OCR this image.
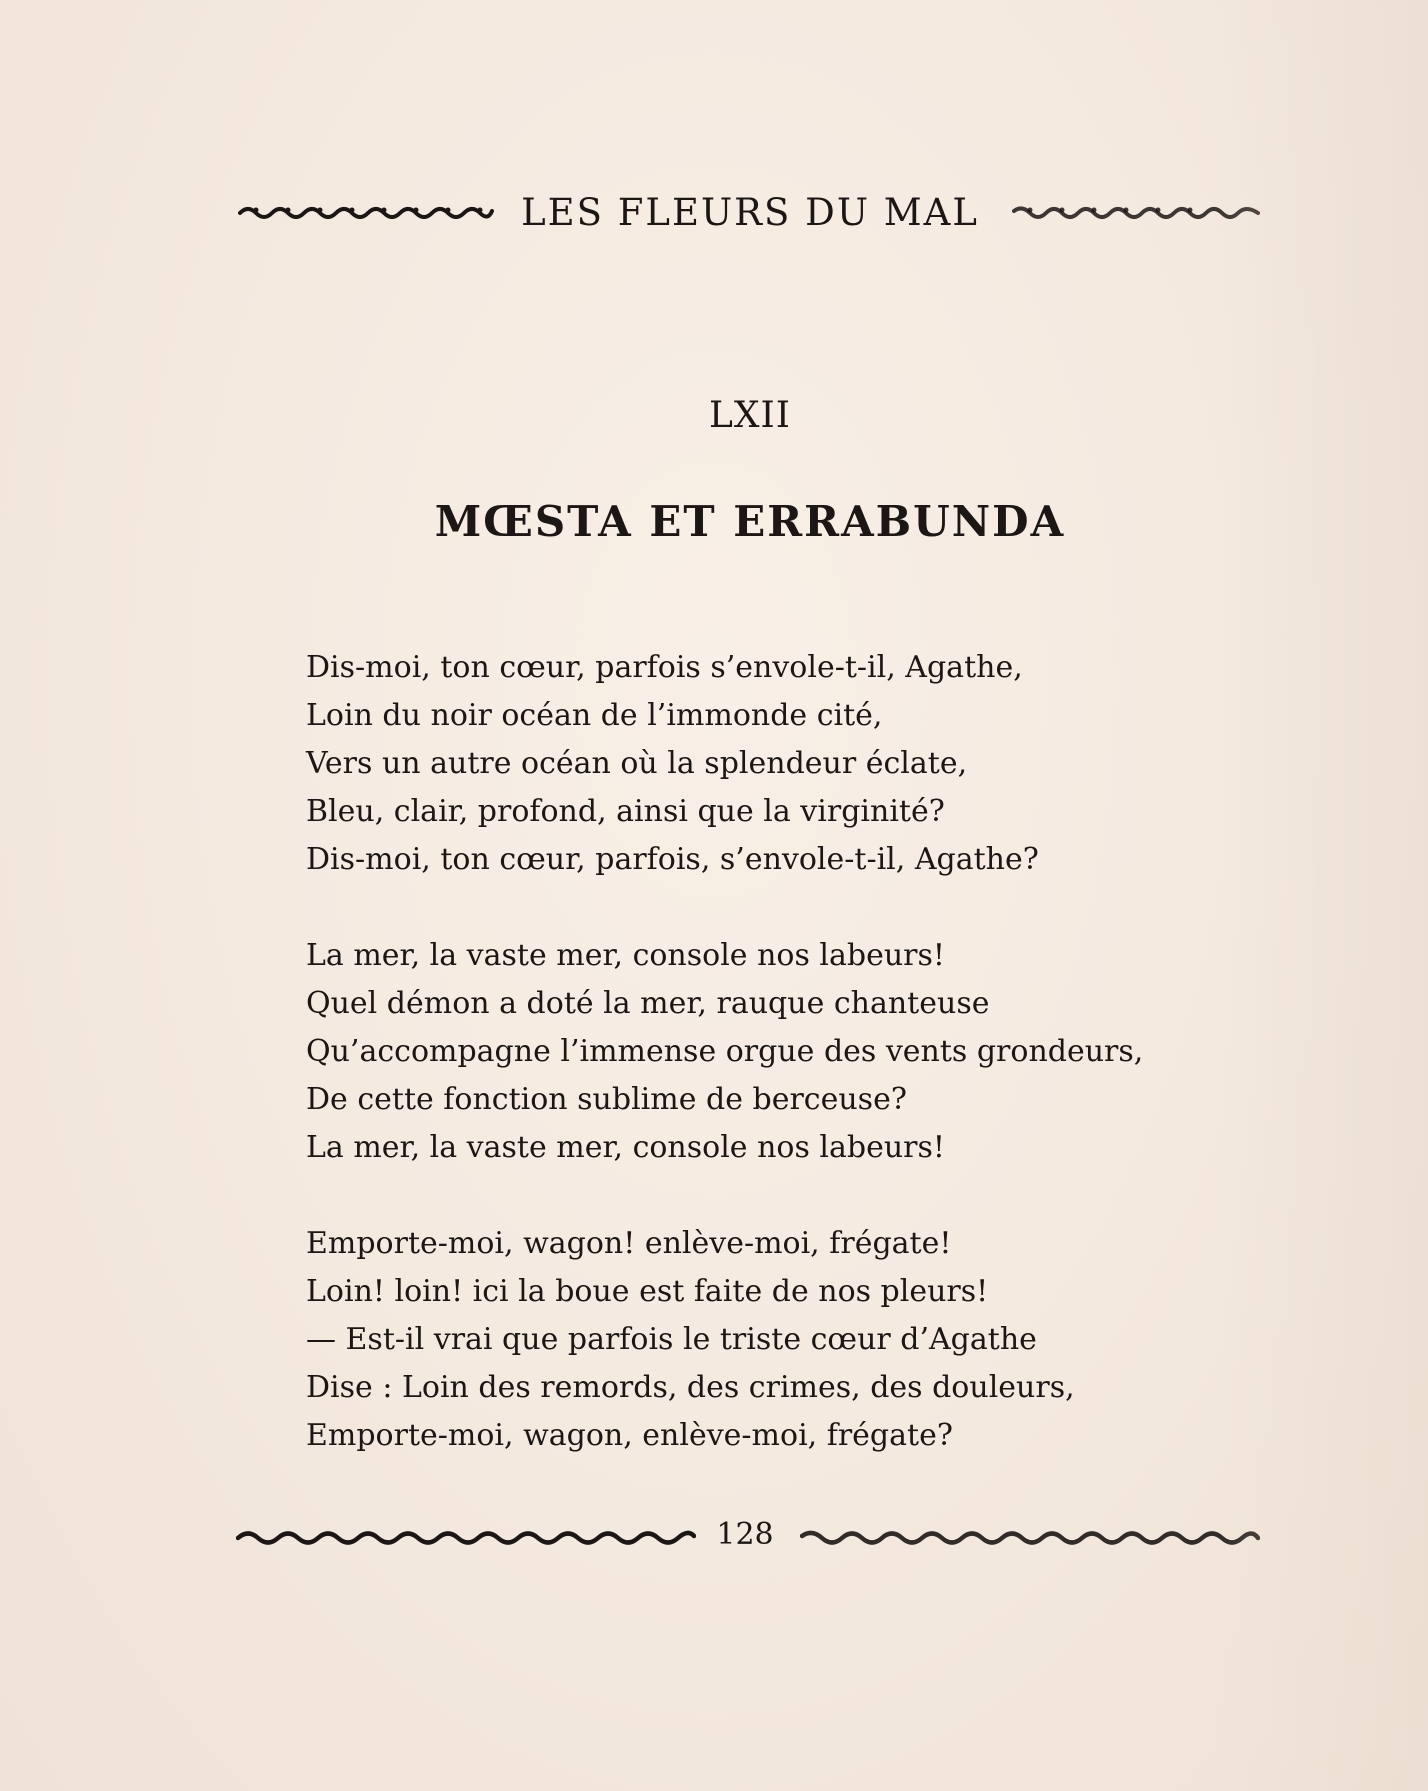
LES FLEURS DU MAL
LXII
MŒSTA ET ERRABUNDA
Dis-moi, ton cœur, parfois s’envole-t-il, Agathe,
Loin du noir océan de l’immonde cité,
Vers un autre océan où la splendeur éclate,
Bleu, clair, profond, ainsi que la virginité?
Dis-moi, ton cœur, parfois, s’envole-t-il, Agathe?
La mer, la vaste mer, console nos labeurs!
Quel démon a doté la mer, rauque chanteuse
Qu’accompagne l’immense orgue des vents grondeurs,
De cette fonction sublime de berceuse?
La mer, la vaste mer, console nos labeurs!
Emporte-moi, wagon! enlève-moi, frégate!
Loin! loin! ici la boue est faite de nos pleurs!
— Est-il vrai que parfois le triste cœur d’Agathe
Dise : Loin des remords, des crimes, des douleurs,
Emporte-moi, wagon, enlève-moi, frégate?
128
